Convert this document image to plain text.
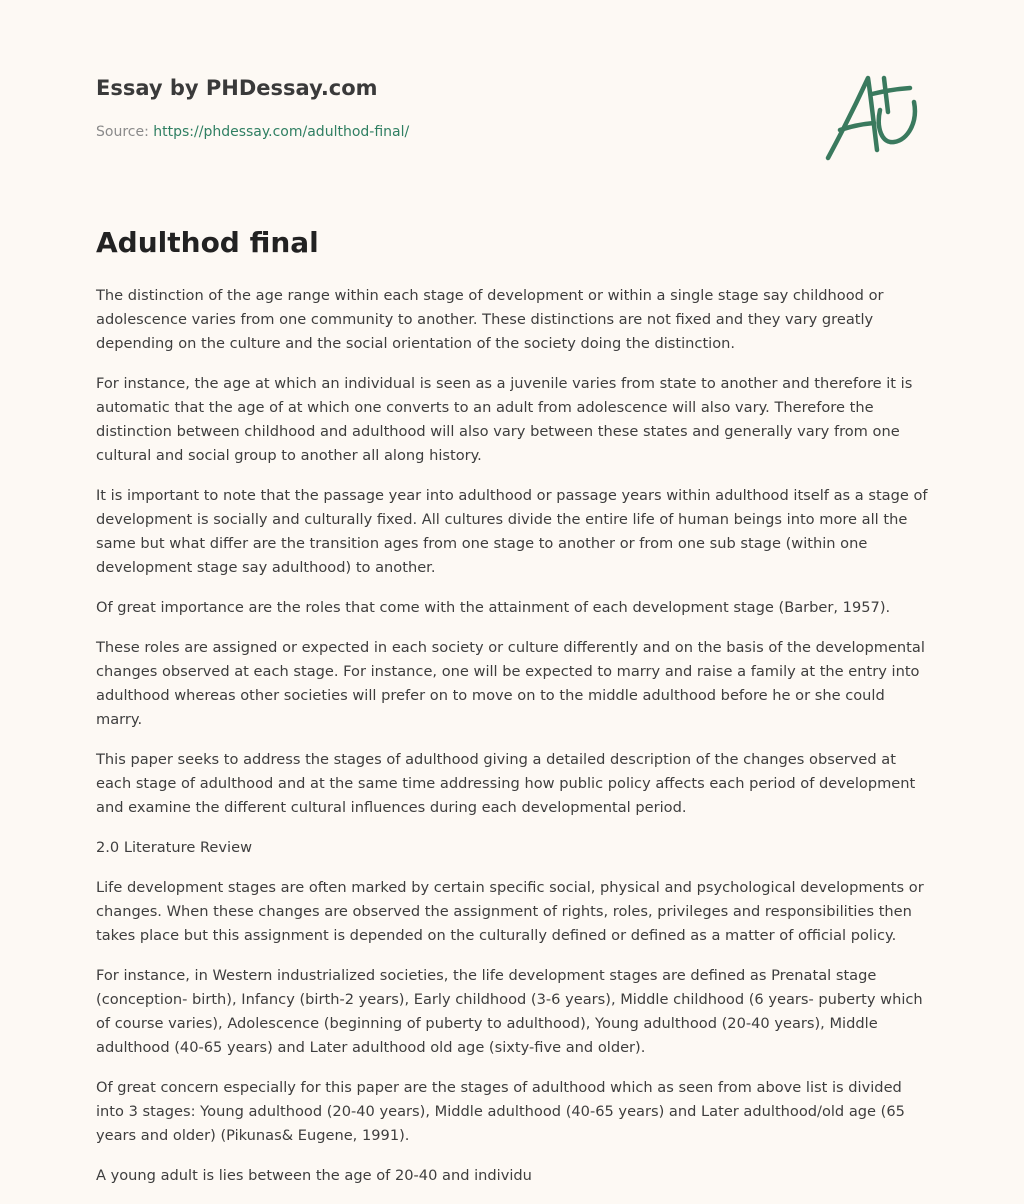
Essay by PHDessay.com

Source: https://phdessay.com/adulthod-final/

Adulthod final

The distinction of the age range within each stage of development or within a single stage say childhood or adolescence varies from one community to another. These distinctions are not fixed and they vary greatly depending on the culture and the social orientation of the society doing the distinction.

For instance, the age at which an individual is seen as a juvenile varies from state to another and therefore it is automatic that the age of at which one converts to an adult from adolescence will also vary. Therefore the distinction between childhood and adulthood will also vary between these states and generally vary from one cultural and social group to another all along history.

It is important to note that the passage year into adulthood or passage years within adulthood itself as a stage of development is socially and culturally fixed. All cultures divide the entire life of human beings into more all the same but what differ are the transition ages from one stage to another or from one sub stage (within one development stage say adulthood) to another.

Of great importance are the roles that come with the attainment of each development stage (Barber, 1957).

These roles are assigned or expected in each society or culture differently and on the basis of the developmental changes observed at each stage. For instance, one will be expected to marry and raise a family at the entry into adulthood whereas other societies will prefer on to move on to the middle adulthood before he or she could marry.

This paper seeks to address the stages of adulthood giving a detailed description of the changes observed at each stage of adulthood and at the same time addressing how public policy affects each period of development and examine the different cultural influences during each developmental period.

2.0 Literature Review

Life development stages are often marked by certain specific social, physical and psychological developments or changes. When these changes are observed the assignment of rights, roles, privileges and responsibilities then takes place but this assignment is depended on the culturally defined or defined as a matter of official policy.

For instance, in Western industrialized societies, the life development stages are defined as Prenatal stage (conception- birth), Infancy (birth-2 years), Early childhood (3-6 years), Middle childhood (6 years- puberty which of course varies), Adolescence (beginning of puberty to adulthood), Young adulthood (20-40 years), Middle adulthood (40-65 years) and Later adulthood old age (sixty-five and older).

Of great concern especially for this paper are the stages of adulthood which as seen from above list is divided into 3 stages: Young adulthood (20-40 years), Middle adulthood (40-65 years) and Later adulthood/old age (65 years and older) (Pikunas& Eugene, 1991).

A young adult is lies between the age of 20-40 and individu
